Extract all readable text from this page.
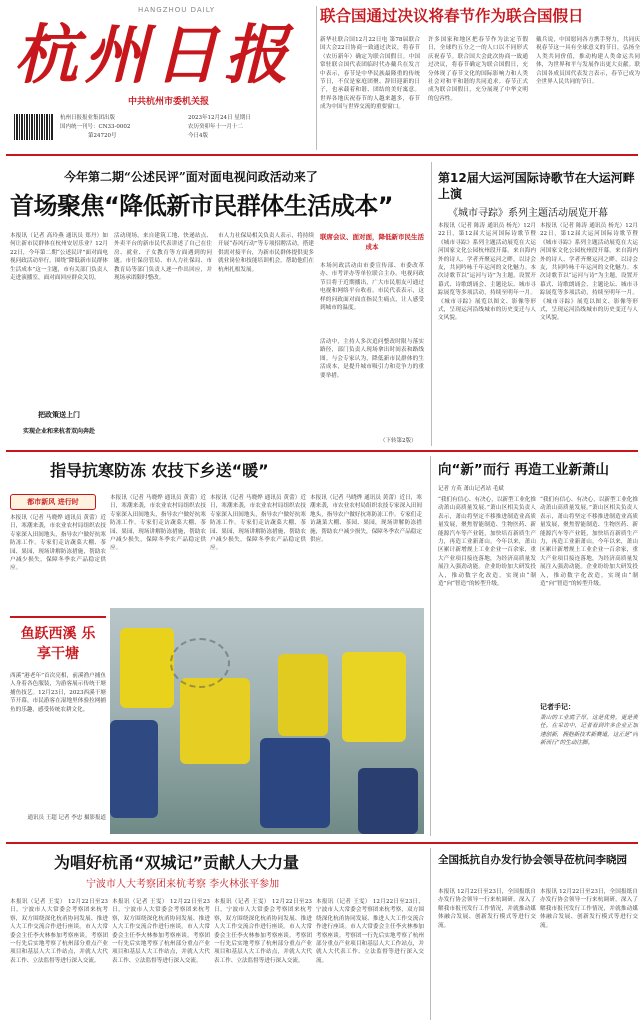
HANGZHOU DAILY
杭州日报
中共杭州市委机关报
杭州日报报业集团出版
国内统一刊号：CN33-0002
第24720号
2023年12月24日 星期日
农历癸卯年十一月十二
今日4版
联合国通过决议将春节作为联合国假日
新华社联合国12月22日电 第78届联合国大会22日协商一致通过决议，将春节（农历新年）确定为联合国假日。中国常驻联合国代表团临时代办戴兵在发言中表示，春节是中华民族最隆重的传统节日，不仅是家庭团聚、辞旧迎新的日子，也承载着和谐、团结的美好寓意。世界各地庆祝春节的人越来越多，春节成为中国与世界交流的重要窗口。
许多国家和地区把春节作为法定节假日，全球约五分之一的人口以不同形式庆祝春节。联合国大会此次协商一致通过决议，将春节确定为联合国假日，充分体现了春节文化的国际影响力和人类社会对和平和谐的共同追求。春节正式成为联合国假日，充分展现了中华文明的包容性。
戴兵说，中国愿同各方携手努力，共同庆祝春节这一具有全球意义的节日，弘扬全人类共同价值，推动构建人类命运共同体，为世界和平与发展作出更大贡献。联合国各成员国代表发言表示，春节已成为全世界人民共同的节日。
今年第二期“公述民评”面对面电视问政活动来了
首场聚焦“降低新市民群体生活成本”
本报讯（记者 高玲燕 通讯员 郑丹）如何让新市民群体在杭州安居乐业？12月22日，今年第二期“公述民评”面对面电视问政活动举行，围绕“降低新市民群体生活成本”这一主题，市有关部门负责人走进演播室，面对面回应群众关切。
把政策送上门
实现企业和来杭者双向奔赴
活动现场，来自建筑工地、快递站点、外卖平台的新市民代表讲述了自己在住房、就业、子女教育等方面遇到的问题。市住保房管局、市人力社保局、市教育局等部门负责人逐一作出回应，并现场承诺限时整改。
市人力社保局相关负责人表示，将持续开展“春风行动”等专项招聘活动，搭建供需对接平台，为新市民群体提供更多就业岗位和技能培训机会，帮助他们在杭州扎根发展。
联席会议、面对面，降低新市民生活成本
本场问政活动由市委宣传部、市委改革办、市考评办等单位联合主办。电视问政节目将于近期播出，广大市民朋友可通过电视和网络平台收看。市民代表表示，这样的问政面对面直指民生痛点，让人感受到城市的温度。
活动中，主持人多次追问整改时限与落实路径，部门负责人现场拿出时间表和路线图。与会专家认为，降低新市民群体的生活成本，是提升城市吸引力和竞争力的重要举措。
（下转第2版）
第12届大运河国际诗歌节在大运河畔上演
《城市寻踪》系列主题活动展览开幕
本报讯（记者 陈涛 通讯员 杨光）12月22日，第12届大运河国际诗歌节暨《城市寻踪》系列主题活动展览在大运河国家文化公园杭州段开幕。来自海内外的诗人、学者齐聚运河之畔，以诗会友，共同吟咏千年运河的文化魅力。本次诗歌节以“运河与诗”为主题，设置开幕式、诗歌朗诵会、主题论坛、城市寻踪展览等多项活动，持续至明年一月。《城市寻踪》展览以图文、影像等形式，呈现运河沿线城市的历史变迁与人文风貌。
本报讯（记者 陈涛 通讯员 杨光）12月22日，第12届大运河国际诗歌节暨《城市寻踪》系列主题活动展览在大运河国家文化公园杭州段开幕。来自海内外的诗人、学者齐聚运河之畔，以诗会友，共同吟咏千年运河的文化魅力。本次诗歌节以“运河与诗”为主题，设置开幕式、诗歌朗诵会、主题论坛、城市寻踪展览等多项活动，持续至明年一月。《城市寻踪》展览以图文、影像等形式，呈现运河沿线城市的历史变迁与人文风貌。
指导抗寒防冻 农技下乡送“暖”
都市新风 进行时
本报讯（记者 马晓烨 通讯员 黄蕾）近日，寒潮来袭，市农业农村局组织农技专家深入田间地头，指导农户做好抗寒防冻工作。专家们走访蔬菜大棚、茶园、果园，现场讲解防冻措施，帮助农户减少损失，保障冬季农产品稳定供应。
本报讯（记者 马晓烨 通讯员 黄蕾）近日，寒潮来袭，市农业农村局组织农技专家深入田间地头，指导农户做好抗寒防冻工作。专家们走访蔬菜大棚、茶园、果园，现场讲解防冻措施，帮助农户减少损失，保障冬季农产品稳定供应。
本报讯（记者 马晓烨 通讯员 黄蕾）近日，寒潮来袭，市农业农村局组织农技专家深入田间地头，指导农户做好抗寒防冻工作。专家们走访蔬菜大棚、茶园、果园，现场讲解防冻措施，帮助农户减少损失，保障冬季农产品稳定供应。
本报讯（记者 马晓烨 通讯员 黄蕾）近日，寒潮来袭，市农业农村局组织农技专家深入田间地头，指导农户做好抗寒防冻工作。专家们走访蔬菜大棚、茶园、果园，现场讲解防冻措施，帮助农户减少损失，保障冬季农产品稳定供应。
鱼跃西溪 乐享干塘
西溪“港老年”首次亮相，前溪渔户捕鱼人身着各色服装，为游客展示传统干塘捕鱼技艺。12月23日，2023西溪干塘节开幕，市民游客在湿地里体验拉网捕鱼的乐趣，感受传统农耕文化。
通讯员 王超 记者 李忠 摄影报道
向“新”而行 再造工业新萧山
记者 方英 萧山记者站 毛斌
“我们有信心、有决心，以新型工业化推动萧山高质量发展。”萧山区相关负责人表示，萧山将坚定不移推进制造业高质量发展，聚焦智能制造、生物医药、新能源汽车等产业链，加快培育新质生产力，再造工业新萧山。今年以来，萧山区累计新增规上工业企业一百余家，重大产业项目接连落地，为经济高质量发展注入强劲动能。企业纷纷加大研发投入，推动数字化改造，实现由“制造”向“智造”的转型升级。
“我们有信心、有决心，以新型工业化推动萧山高质量发展。”萧山区相关负责人表示，萧山将坚定不移推进制造业高质量发展，聚焦智能制造、生物医药、新能源汽车等产业链，加快培育新质生产力，再造工业新萧山。今年以来，萧山区累计新增规上工业企业一百余家，重大产业项目接连落地，为经济高质量发展注入强劲动能。企业纷纷加大研发投入，推动数字化改造，实现由“制造”向“智造”的转型升级。
记者手记：
萧山的工业底子厚，这是优势，更是责任。在采访中，记者看到许多企业正加速创新，拥抱新技术新赛道，这正是“向新而行”的生动注脚。
为唱好杭甬“双城记”贡献人大力量
宁波市人大考察团来杭考察 李火林张平参加
本报讯（记者 王雯） 12月22日至23日，宁波市人大常委会考察团来杭考察，双方围绕深化杭甬协同发展、推进人大工作交流合作进行座谈。市人大常委会主任李火林参加考察座谈。考察团一行先后实地考察了杭州部分重点产业项目和基层人大工作站点，并就人大代表工作、立法监督等进行深入交流。
本报讯（记者 王雯） 12月22日至23日，宁波市人大常委会考察团来杭考察，双方围绕深化杭甬协同发展、推进人大工作交流合作进行座谈。市人大常委会主任李火林参加考察座谈。考察团一行先后实地考察了杭州部分重点产业项目和基层人大工作站点，并就人大代表工作、立法监督等进行深入交流。
本报讯（记者 王雯） 12月22日至23日，宁波市人大常委会考察团来杭考察，双方围绕深化杭甬协同发展、推进人大工作交流合作进行座谈。市人大常委会主任李火林参加考察座谈。考察团一行先后实地考察了杭州部分重点产业项目和基层人大工作站点，并就人大代表工作、立法监督等进行深入交流。
本报讯（记者 王雯） 12月22日至23日，宁波市人大常委会考察团来杭考察，双方围绕深化杭甬协同发展、推进人大工作交流合作进行座谈。市人大常委会主任李火林参加考察座谈。考察团一行先后实地考察了杭州部分重点产业项目和基层人大工作站点，并就人大代表工作、立法监督等进行深入交流。
全国抵抗自办发行协会领导莅杭问李晓园
本报讯 12月22日至23日，全国报纸自办发行协会领导一行来杭调研，深入了解我市报刊发行工作情况，并就推动媒体融合发展、创新发行模式等进行交流。
本报讯 12月22日至23日，全国报纸自办发行协会领导一行来杭调研，深入了解我市报刊发行工作情况，并就推动媒体融合发展、创新发行模式等进行交流。
